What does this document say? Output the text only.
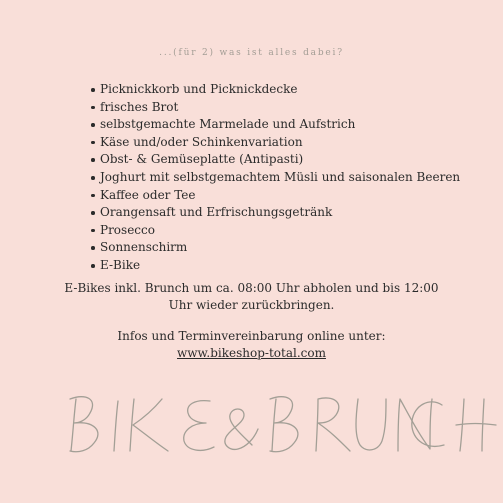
...(für 2) was ist alles dabei?
Picknickkorb und Picknickdecke
frisches Brot
selbstgemachte Marmelade und Aufstrich
Käse und/oder Schinkenvariation
Obst- & Gemüseplatte (Antipasti)
Joghurt mit selbstgemachtem Müsli und saisonalen Beeren
Kaffee oder Tee
Orangensaft und Erfrischungsgetränk
Prosecco
Sonnenschirm
E-Bike
E-Bikes inkl. Brunch um ca. 08:00 Uhr abholen und bis 12:00
Uhr wieder zurückbringen.
Infos und Terminvereinbarung online unter:
www.bikeshop-total.com
